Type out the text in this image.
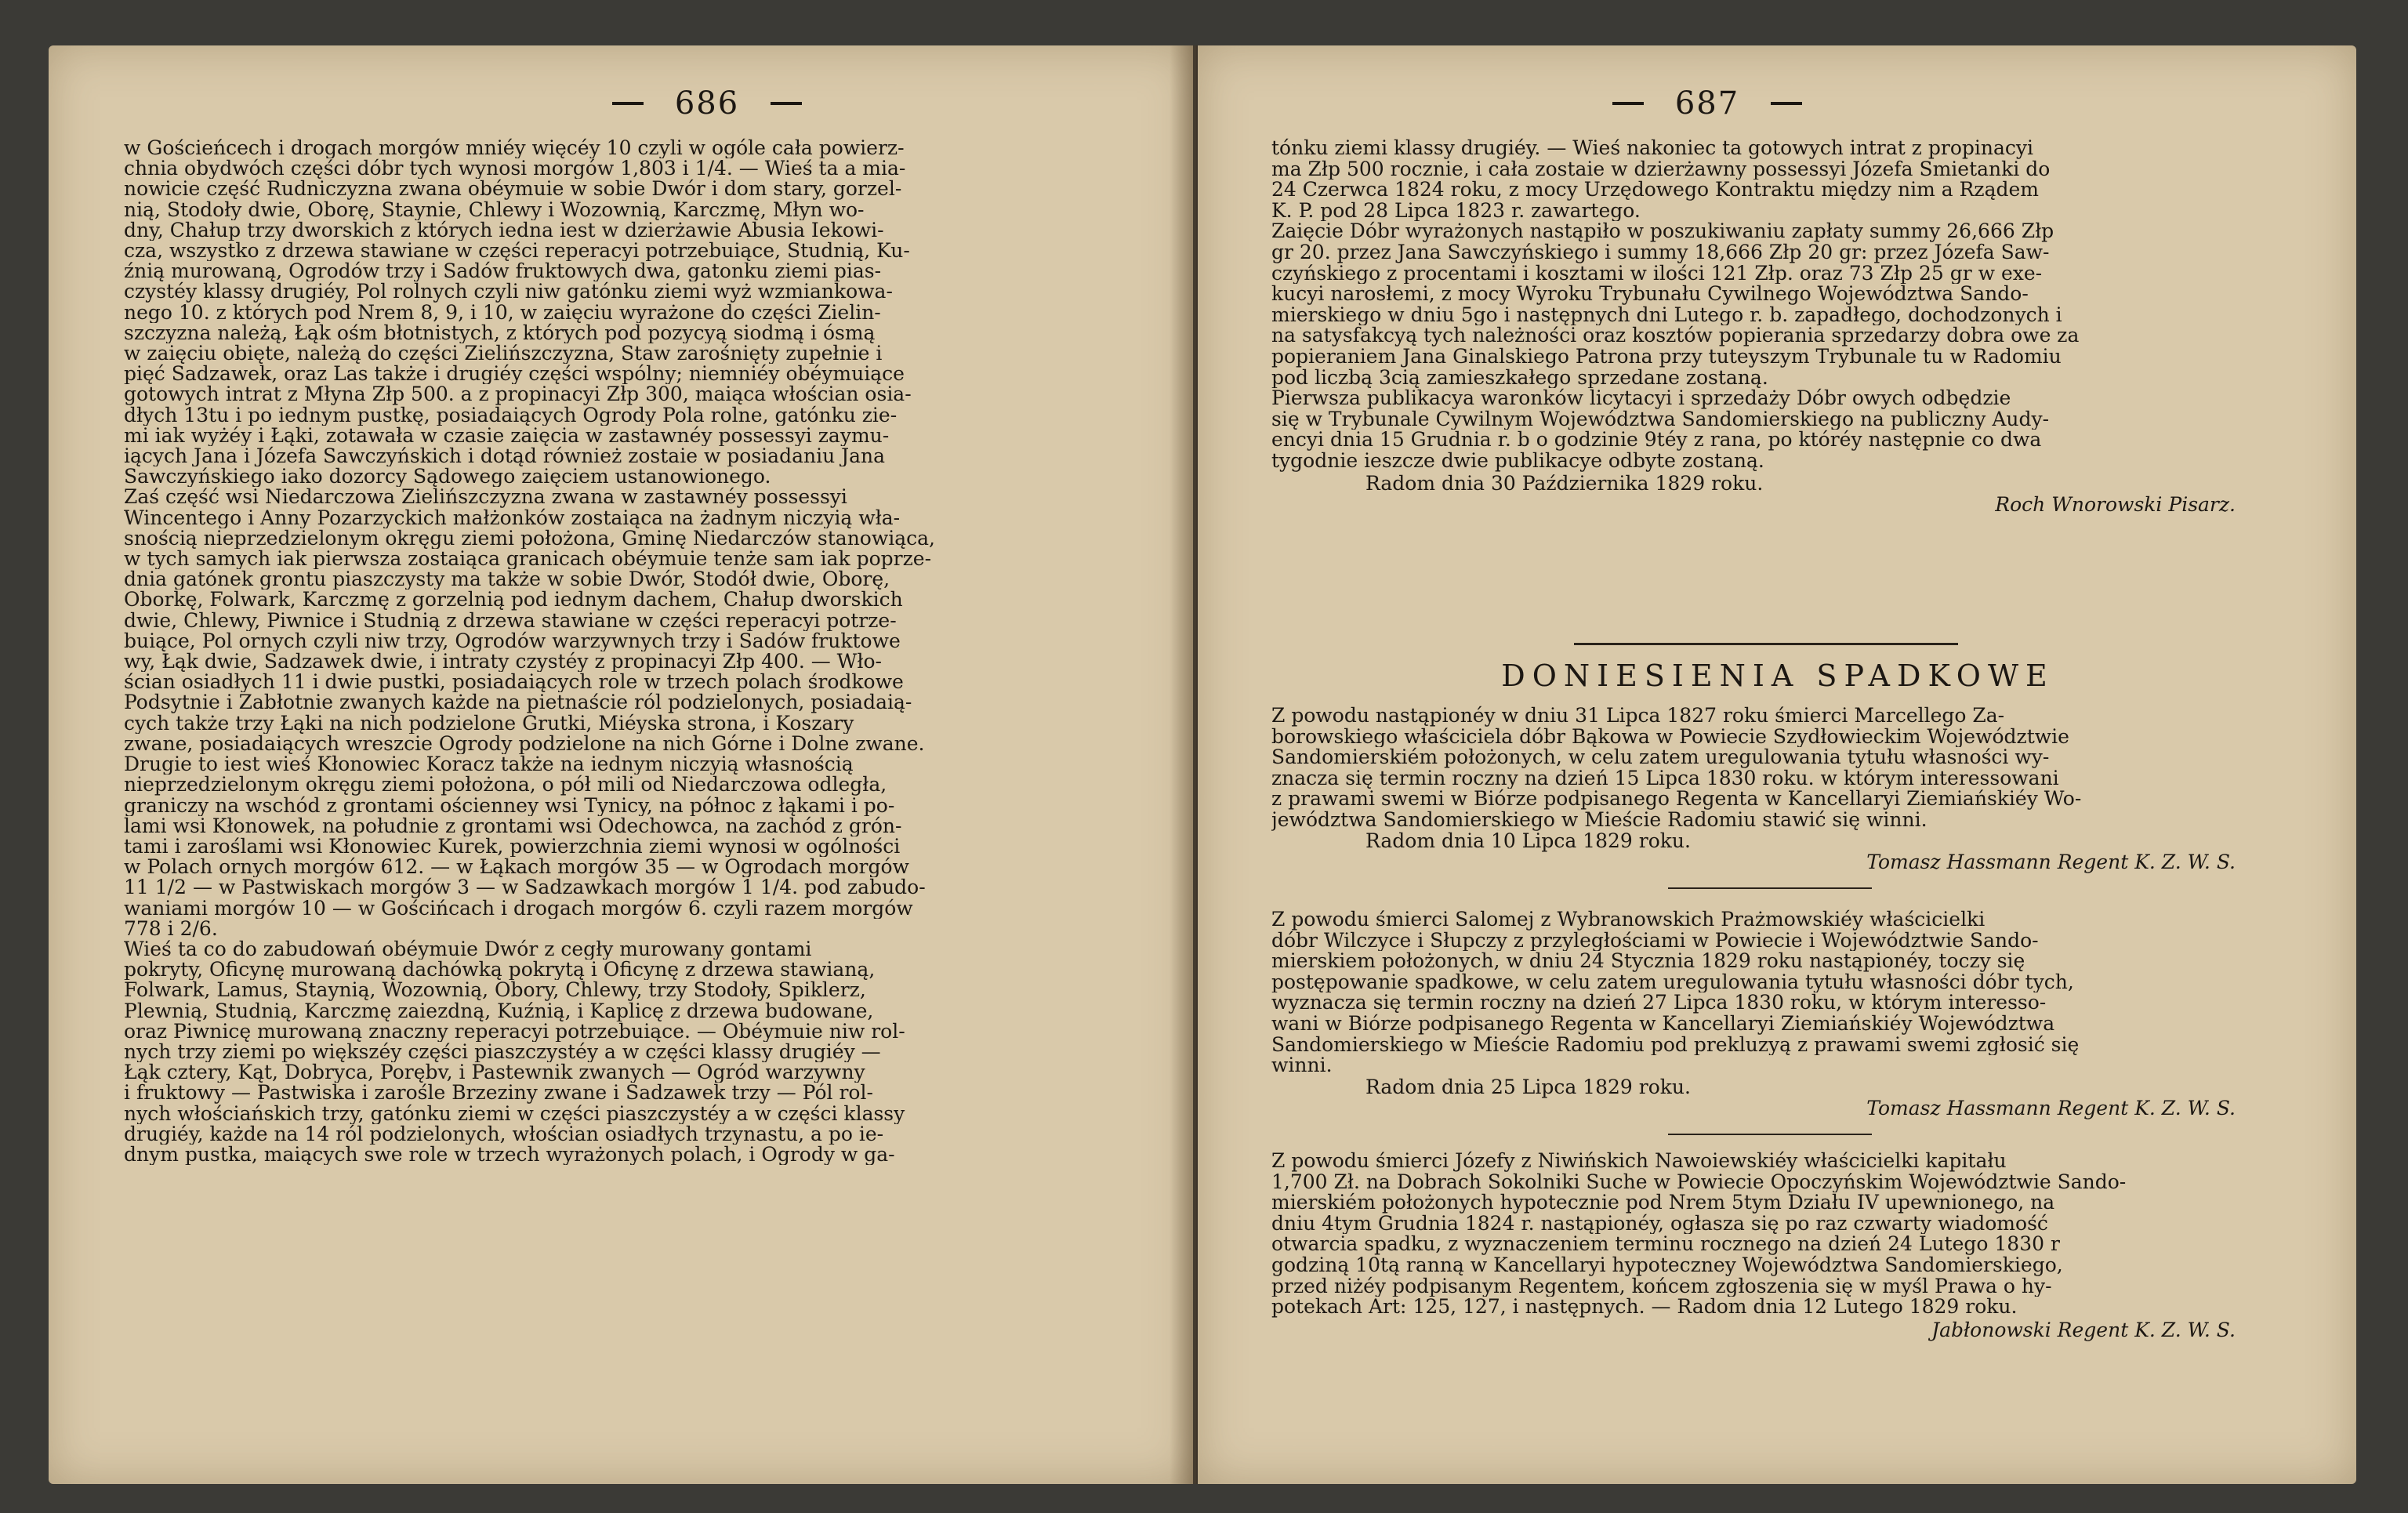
686
w Gościeńcech i drogach morgów mniéy więcéy 10 czyli w ogóle cała powierz-
chnia obydwóch części dóbr tych wynosi morgów 1,803 i 1/4. — Wieś ta a mia-
nowicie część Rudniczyzna zwana obéymuie w sobie Dwór i dom stary, gorzel-
nią, Stodoły dwie, Oborę, Staynie, Chlewy i Wozownią, Karczmę, Młyn wo-
dny, Chałup trzy dworskich z których iedna iest w dzierżawie Abusia Iekowi-
cza, wszystko z drzewa stawiane w części reperacyi potrzebuiące, Studnią, Ku-
źnią murowaną, Ogrodów trzy i Sadów fruktowych dwa, gatonku ziemi pias-
czystéy klassy drugiéy, Pol rolnych czyli niw gatónku ziemi wyż wzmiankowa-
nego 10. z których pod Nrem 8, 9, i 10, w zaięciu wyrażone do części Zielin-
szczyzna należą, Łąk ośm błotnistych, z których pod pozycyą siodmą i ósmą
w zaięciu obięte, należą do części Zielińszczyzna, Staw zarośnięty zupełnie i
pięć Sadzawek, oraz Las także i drugiéy części wspólny; niemniéy obéymuiące
gotowych intrat z Młyna Złp 500. a z propinacyi Złp 300, maiąca włościan osia-
dłych 13tu i po iednym pustkę, posiadaiących Ogrody Pola rolne, gatónku zie-
mi iak wyżéy i Łąki, zotawała w czasie zaięcia w zastawnéy possessyi zaymu-
iących Jana i Józefa Sawczyńskich i dotąd również zostaie w posiadaniu Jana
Sawczyńskiego iako dozorcy Sądowego zaięciem ustanowionego.
Zaś część wsi Niedarczowa Zielińszczyzna zwana w zastawnéy possessyi
Wincentego i Anny Pozarzyckich małżonków zostaiąca na żadnym niczyią wła-
snością nieprzedzielonym okręgu ziemi położona, Gminę Niedarczów stanowiąca,
w tych samych iak pierwsza zostaiąca granicach obéymuie tenże sam iak poprze-
dnia gatónek grontu piaszczysty ma także w sobie Dwór, Stodół dwie, Oborę,
Oborkę, Folwark, Karczmę z gorzelnią pod iednym dachem, Chałup dworskich
dwie, Chlewy, Piwnice i Studnią z drzewa stawiane w części reperacyi potrze-
buiące, Pol ornych czyli niw trzy, Ogrodów warzywnych trzy i Sadów fruktowe
wy, Łąk dwie, Sadzawek dwie, i intraty czystéy z propinacyi Złp 400. — Wło-
ścian osiadłych 11 i dwie pustki, posiadaiących role w trzech polach środkowe
Podsytnie i Zabłotnie zwanych każde na pietnaście ról podzielonych, posiadaią-
cych także trzy Łąki na nich podzielone Grutki, Miéyska strona, i Koszary
zwane, posiadaiących wreszcie Ogrody podzielone na nich Górne i Dolne zwane.
Drugie to iest wieś Kłonowiec Koracz także na iednym niczyią własnością
nieprzedzielonym okręgu ziemi położona, o pół mili od Niedarczowa odległa,
graniczy na wschód z grontami ościenney wsi Tynicy, na północ z łąkami i po-
lami wsi Kłonowek, na południe z grontami wsi Odechowca, na zachód z grón-
tami i zaroślami wsi Kłonowiec Kurek, powierzchnia ziemi wynosi w ogólności
w Polach ornych morgów 612. — w Łąkach morgów 35 — w Ogrodach morgów
11 1/2 — w Pastwiskach morgów 3 — w Sadzawkach morgów 1 1/4. pod zabudo-
waniami morgów 10 — w Gościńcach i drogach morgów 6. czyli razem morgów
778 i 2/6.
Wieś ta co do zabudowań obéymuie Dwór z cegły murowany gontami
pokryty, Oficynę murowaną dachówką pokrytą i Oficynę z drzewa stawianą,
Folwark, Lamus, Staynią, Wozownią, Obory, Chlewy, trzy Stodoły, Spiklerz,
Plewnią, Studnią, Karczmę zaiezdną, Kuźnią, i Kaplicę z drzewa budowane,
oraz Piwnicę murowaną znaczny reperacyi potrzebuiące. — Obéymuie niw rol-
nych trzy ziemi po większéy części piaszczystéy a w części klassy drugiéy —
Łąk cztery, Kąt, Dobryca, Porębv, i Pastewnik zwanych — Ogród warzywny
i fruktowy — Pastwiska i zarośle Brzeziny zwane i Sadzawek trzy — Pól rol-
nych włościańskich trzy, gatónku ziemi w części piaszczystéy a w części klassy
drugiéy, każde na 14 ról podzielonych, włościan osiadłych trzynastu, a po ie-
dnym pustka, maiących swe role w trzech wyrażonych polach, i Ogrody w ga-
687
tónku ziemi klassy drugiéy. — Wieś nakoniec ta gotowych intrat z propinacyi
ma Złp 500 rocznie, i cała zostaie w dzierżawny possessyi Józefa Smietanki do
24 Czerwca 1824 roku, z mocy Urzędowego Kontraktu między nim a Rządem
K. P. pod 28 Lipca 1823 r. zawartego.
Zaięcie Dóbr wyrażonych nastąpiło w poszukiwaniu zapłaty summy 26,666 Złp
gr 20. przez Jana Sawczyńskiego i summy 18,666 Złp 20 gr: przez Józefa Saw-
czyńskiego z procentami i kosztami w ilości 121 Złp. oraz 73 Złp 25 gr w exe-
kucyi narosłemi, z mocy Wyroku Trybunału Cywilnego Województwa Sando-
mierskiego w dniu 5go i następnych dni Lutego r. b. zapadłego, dochodzonych i
na satysfakcyą tych należności oraz kosztów popierania sprzedarzy dobra owe za
popieraniem Jana Ginalskiego Patrona przy tuteyszym Trybunale tu w Radomiu
pod liczbą 3cią zamieszkałego sprzedane zostaną.
Pierwsza publikacya waronków licytacyi i sprzedaży Dóbr owych odbędzie
się w Trybunale Cywilnym Województwa Sandomierskiego na publiczny Audy-
encyi dnia 15 Grudnia r. b o godzinie 9téy z rana, po któréy następnie co dwa
tygodnie ieszcze dwie publikacye odbyte zostaną.
Radom dnia 30 Października 1829 roku.
Roch Wnorowski Pisarz.
DONIESIENIA SPADKOWE
Z powodu nastąpionéy w dniu 31 Lipca 1827 roku śmierci Marcellego Za-
borowskiego właściciela dóbr Bąkowa w Powiecie Szydłowieckim Województwie
Sandomierskiém położonych, w celu zatem uregulowania tytułu własności wy-
znacza się termin roczny na dzień 15 Lipca 1830 roku. w którym interessowani
z prawami swemi w Biórze podpisanego Regenta w Kancellaryi Ziemiańskiéy Wo-
jewództwa Sandomierskiego w Mieście Radomiu stawić się winni.
Radom dnia 10 Lipca 1829 roku.
Tomasz Hassmann Regent K. Z. W. S.
Z powodu śmierci Salomej z Wybranowskich Prażmowskiéy właścicielki
dóbr Wilczyce i Słupczy z przyległościami w Powiecie i Województwie Sando-
mierskiem położonych, w dniu 24 Stycznia 1829 roku nastąpionéy, toczy się
postępowanie spadkowe, w celu zatem uregulowania tytułu własności dóbr tych,
wyznacza się termin roczny na dzień 27 Lipca 1830 roku, w którym interesso-
wani w Biórze podpisanego Regenta w Kancellaryi Ziemiańskiéy Województwa
Sandomierskiego w Mieście Radomiu pod prekluzyą z prawami swemi zgłosić się
winni.
Radom dnia 25 Lipca 1829 roku.
Tomasz Hassmann Regent K. Z. W. S.
Z powodu śmierci Józefy z Niwińskich Nawoiewskiéy właścicielki kapitału
1,700 Zł. na Dobrach Sokolniki Suche w Powiecie Opoczyńskim Województwie Sando-
mierskiém położonych hypotecznie pod Nrem 5tym Działu IV upewnionego, na
dniu 4tym Grudnia 1824 r. nastąpionéy, ogłasza się po raz czwarty wiadomość
otwarcia spadku, z wyznaczeniem terminu rocznego na dzień 24 Lutego 1830 r
godziną 10tą ranną w Kancellaryi hypoteczney Województwa Sandomierskiego,
przed niżéy podpisanym Regentem, końcem zgłoszenia się w myśl Prawa o hy-
potekach Art: 125, 127, i następnych. — Radom dnia 12 Lutego 1829 roku.
Jabłonowski Regent K. Z. W. S.
